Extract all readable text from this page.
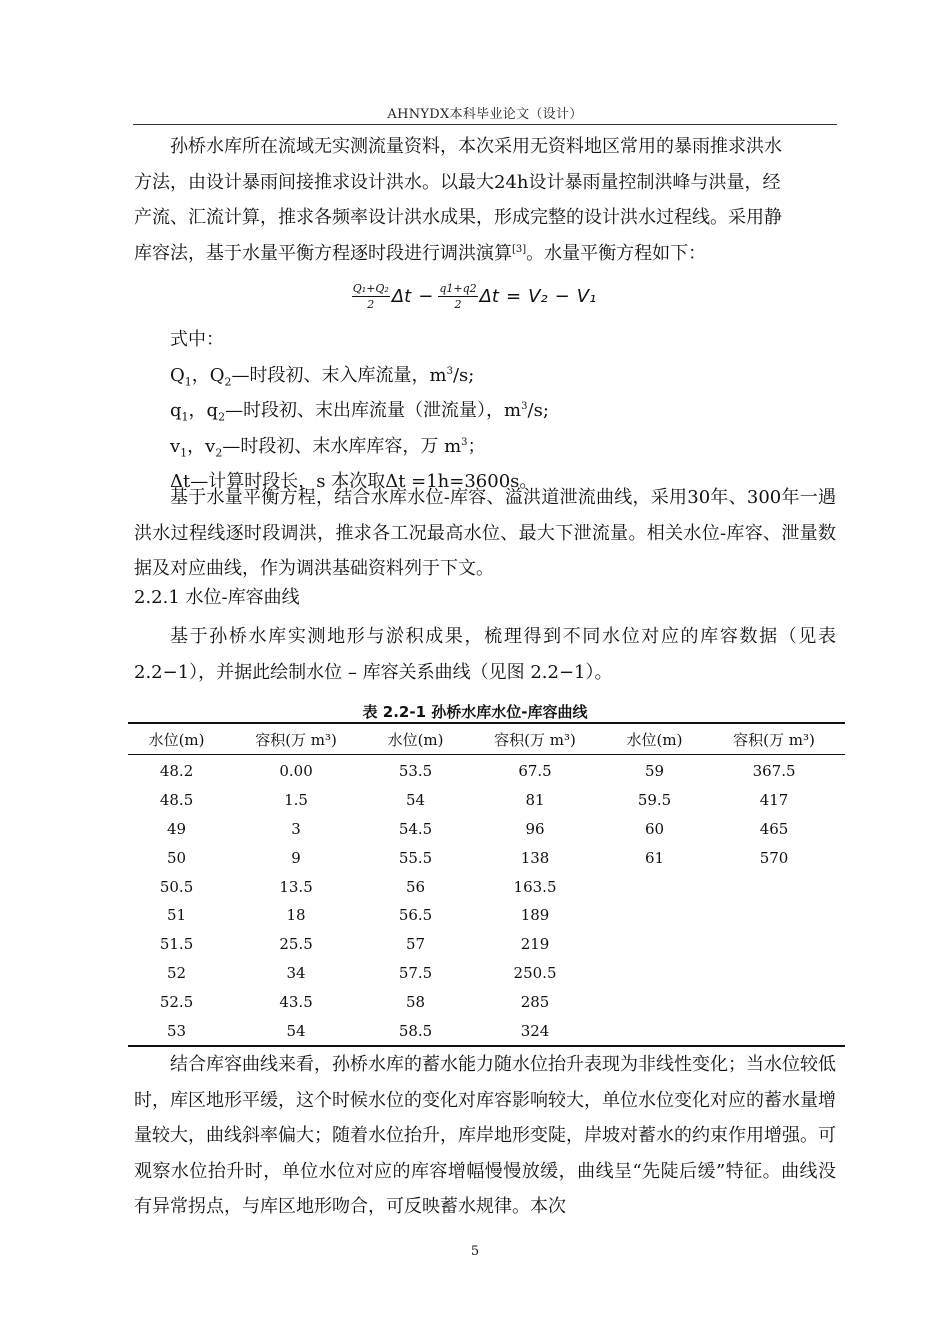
AHNYDX本科毕业论文（设计）

孙桥水库所在流域无实测流量资料，本次采用无资料地区常用的暴雨推求洪水

方法，由设计暴雨间接推求设计洪水。以最大24h设计暴雨量控制洪峰与洪量，经

产流、汇流计算，推求各频率设计洪水成果，形成完整的设计洪水过程线。采用静

库容法，基于水量平衡方程逐时段进行调洪演算[3]。水量平衡方程如下：

$\frac{\text{Q₁+Q₂}}{2}$ $\Delta t - \frac{q1+q2}{2}$ Δt = V₂ − V₁

式中：

$Q_1$，$Q_2—$时段初、末入库流量，$m^3/s$;

$q_1$，$q_2—$时段初、末出库流量（泄流量），$m^3/s$;

$v_1$，$v_2—$时段初、末水库库容，万 $m^3$；

Δt—计算时段长，s 本次取Δt =1h=3600s。

基于水量平衡方程，结合水库水位-库容、溢洪道泄流曲线，采用30年、300年一遇洪水过程线逐时段调洪，推求各工况最高水位、最大下泄流量。相关水位-库容、泄量数据及对应曲线，作为调洪基础资料列于下文。

2.2.1 水位-库容曲线

基于孙桥水库实测地形与淤积成果，梳理得到不同水位对应的库容数据（见表2.2−1），并据此绘制水位 – 库容关系曲线（见图 2.2−1）。

表 2.2-1 孙桥水库水位-库容曲线
水位(m)	容积(万 m³)	水位(m)	容积(万 m³)	水位(m)	容积(万 m³)
48.2	0.00	53.5	67.5	59	367.5
48.5	1.5	54	81	59.5	417
49	3	54.5	96	60	465
50	9	55.5	138	61	570
50.5	13.5	56	163.5		
51	18	56.5	189		
51.5	25.5	57	219		
52	34	57.5	250.5		
52.5	43.5	58	285		
53	54	58.5	324		

结合库容曲线来看，孙桥水库的蓄水能力随水位抬升表现为非线性变化；当水位较低时，库区地形平缓，这个时候水位的变化对库容影响较大，单位水位变化对应的蓄水量增量较大，曲线斜率偏大；随着水位抬升，库岸地形变陡，岸坡对蓄水的约束作用增强。可观察水位抬升时，单位水位对应的库容增幅慢慢放缓，曲线呈“先陡后缓”特征。曲线没有异常拐点，与库区地形吻合，可反映蓄水规律。本次

5
